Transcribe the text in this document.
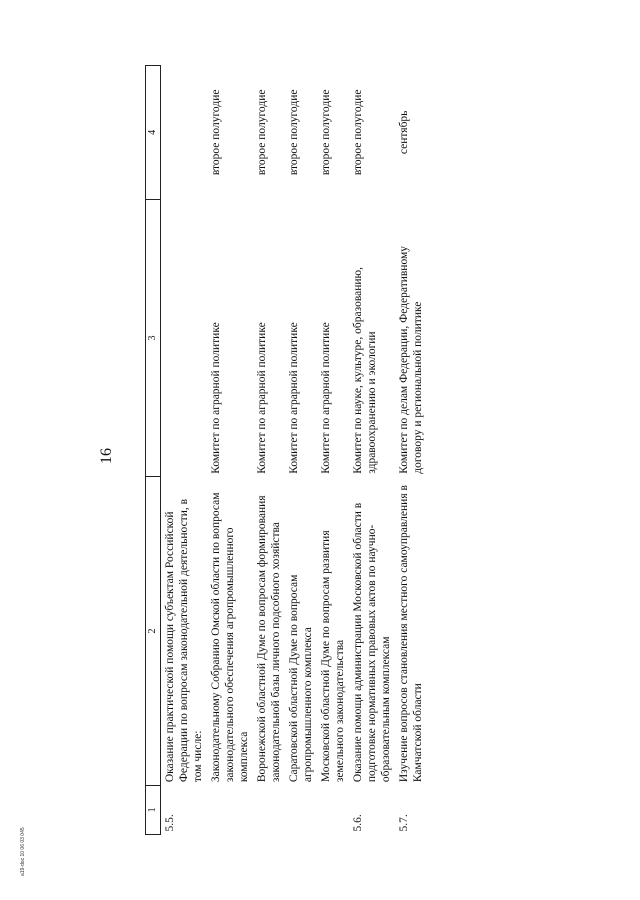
16
1	2	3	4
5.5.	Оказание практической помощи субъектам Российской Федерации по вопросам законодательной деятельности, в том числе:		
	Законодательному Собранию Омской области по вопросам законодательного обеспечения агропромышленного комплекса	Комитет по аграрной политике	второе полугодие
	Воронежской областной Думе по вопросам формирования законодательной базы личного подсобного хозяйства	Комитет по аграрной политике	второе полугодие
	Саратовской областной Думе по вопросам агропромышленного комплекса	Комитет по аграрной политике	второе полугодие
	Московской областной Думе по вопросам развития земельного законодательства	Комитет по аграрной политике	второе полугодие
5.6.	Оказание помощи администрации Московской области в подготовке нормативных правовых актов по научно-образовательным комплексам	Комитет по науке, культуре, образованию, здравоохранению и экологии	второе полугодие
5.7.	Изучение вопросов становления местного самоуправления в Камчатской области	Комитет по делам Федерации, Федеративному договору и региональной политике	сентябрь
а19-doc 10 06 03 045
